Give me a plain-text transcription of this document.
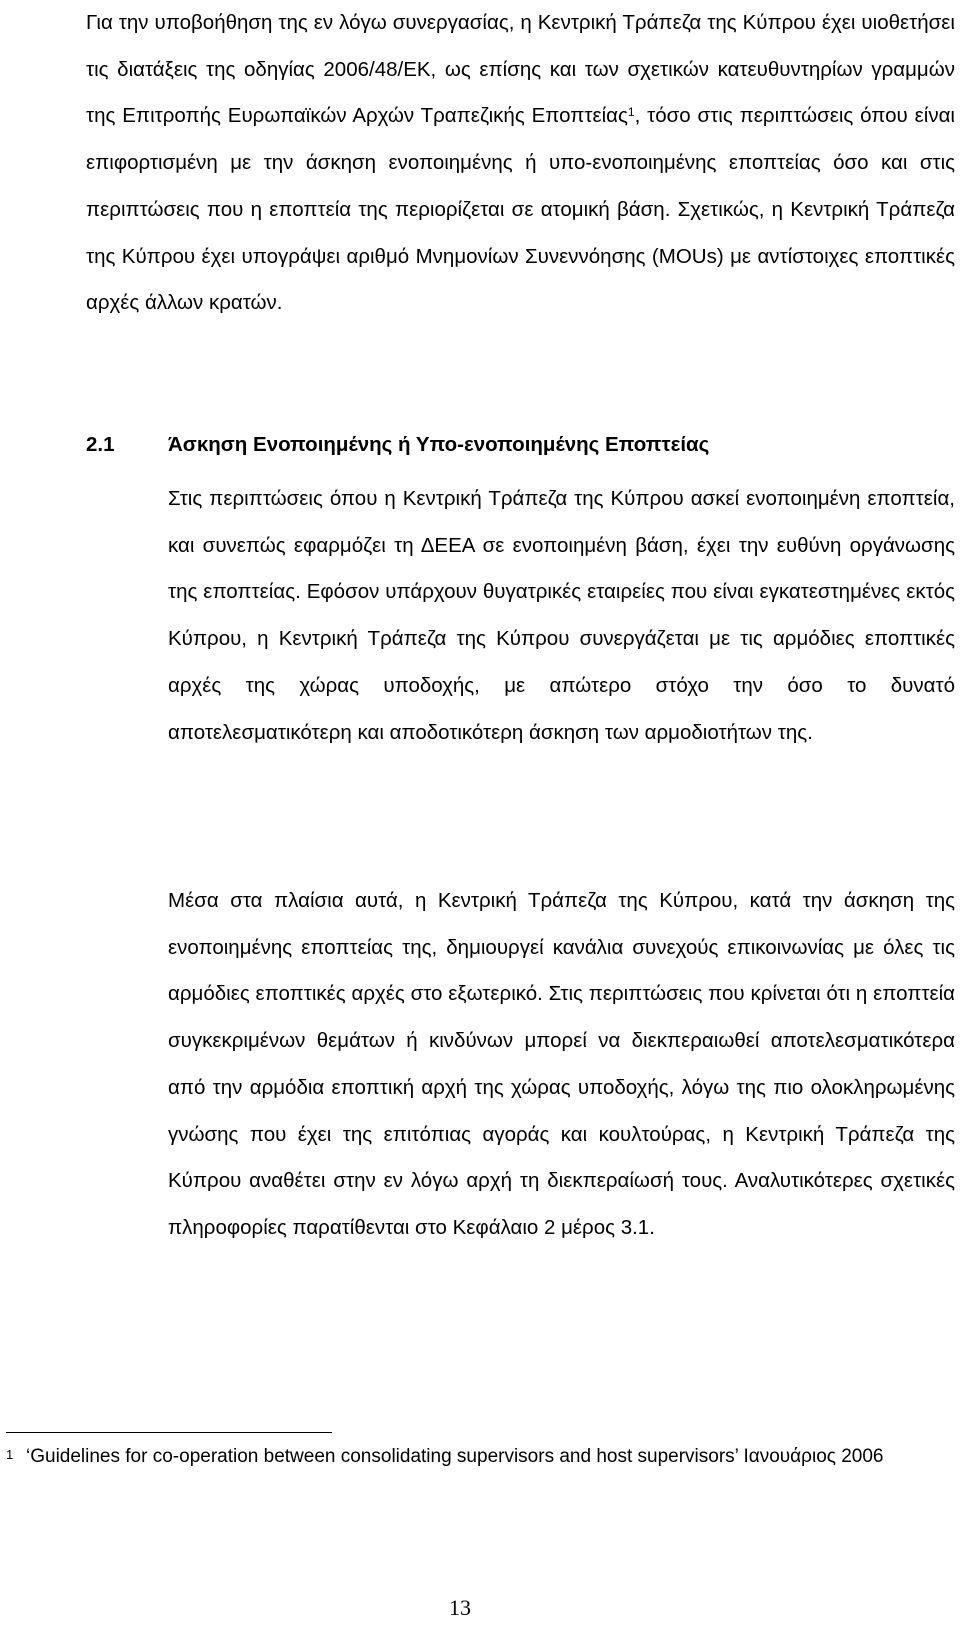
Για την υποβοήθηση της εν λόγω συνεργασίας, η Κεντρική Τράπεζα της Κύπρου έχει υιοθετήσει τις διατάξεις της οδηγίας 2006/48/ΕΚ, ως επίσης και των σχετικών κατευθυντηρίων γραμμών της Επιτροπής Ευρωπαϊκών Αρχών Τραπεζικής Εποπτείας$^1$, τόσο στις περιπτώσεις όπου είναι επιφορτισμένη με την άσκηση ενοποιημένης ή υπο-ενοποιημένης εποπτείας όσο και στις περιπτώσεις που η εποπτεία της περιορίζεται σε ατομική βάση. Σχετικώς, η Κεντρική Τράπεζα της Κύπρου έχει υπογράψει αριθμό Μνημονίων Συνεννόησης (MOUs) με αντίστοιχες εποπτικές αρχές άλλων κρατών.

2.1	Άσκηση Ενοποιημένης ή Υπο-ενοποιημένης Εποπτείας

Στις περιπτώσεις όπου η Κεντρική Τράπεζα της Κύπρου ασκεί ενοποιημένη εποπτεία, και συνεπώς εφαρμόζει τη ΔΕΕΑ σε ενοποιημένη βάση, έχει την ευθύνη οργάνωσης της εποπτείας. Εφόσον υπάρχουν θυγατρικές εταιρείες που είναι εγκατεστημένες εκτός Κύπρου, η Κεντρική Τράπεζα της Κύπρου συνεργάζεται με τις αρμόδιες εποπτικές αρχές της χώρας υποδοχής, με απώτερο στόχο την όσο το δυνατό αποτελεσματικότερη και αποδοτικότερη άσκηση των αρμοδιοτήτων της.

Μέσα στα πλαίσια αυτά, η Κεντρική Τράπεζα της Κύπρου, κατά την άσκηση της ενοποιημένης εποπτείας της, δημιουργεί κανάλια συνεχούς επικοινωνίας με όλες τις αρμόδιες εποπτικές αρχές στο εξωτερικό. Στις περιπτώσεις που κρίνεται ότι η εποπτεία συγκεκριμένων θεμάτων ή κινδύνων μπορεί να διεκπεραιωθεί αποτελεσματικότερα από την αρμόδια εποπτική αρχή της χώρας υποδοχής, λόγω της πιο ολοκληρωμένης γνώσης που έχει της επιτόπιας αγοράς και κουλτούρας, η Κεντρική Τράπεζα της Κύπρου αναθέτει στην εν λόγω αρχή τη διεκπεραίωσή τους. Αναλυτικότερες σχετικές πληροφορίες παρατίθενται στο Κεφάλαιο 2 μέρος 3.1.

1 ‘Guidelines for co-operation between consolidating supervisors and host supervisors’ Ιανουάριος 2006

13
